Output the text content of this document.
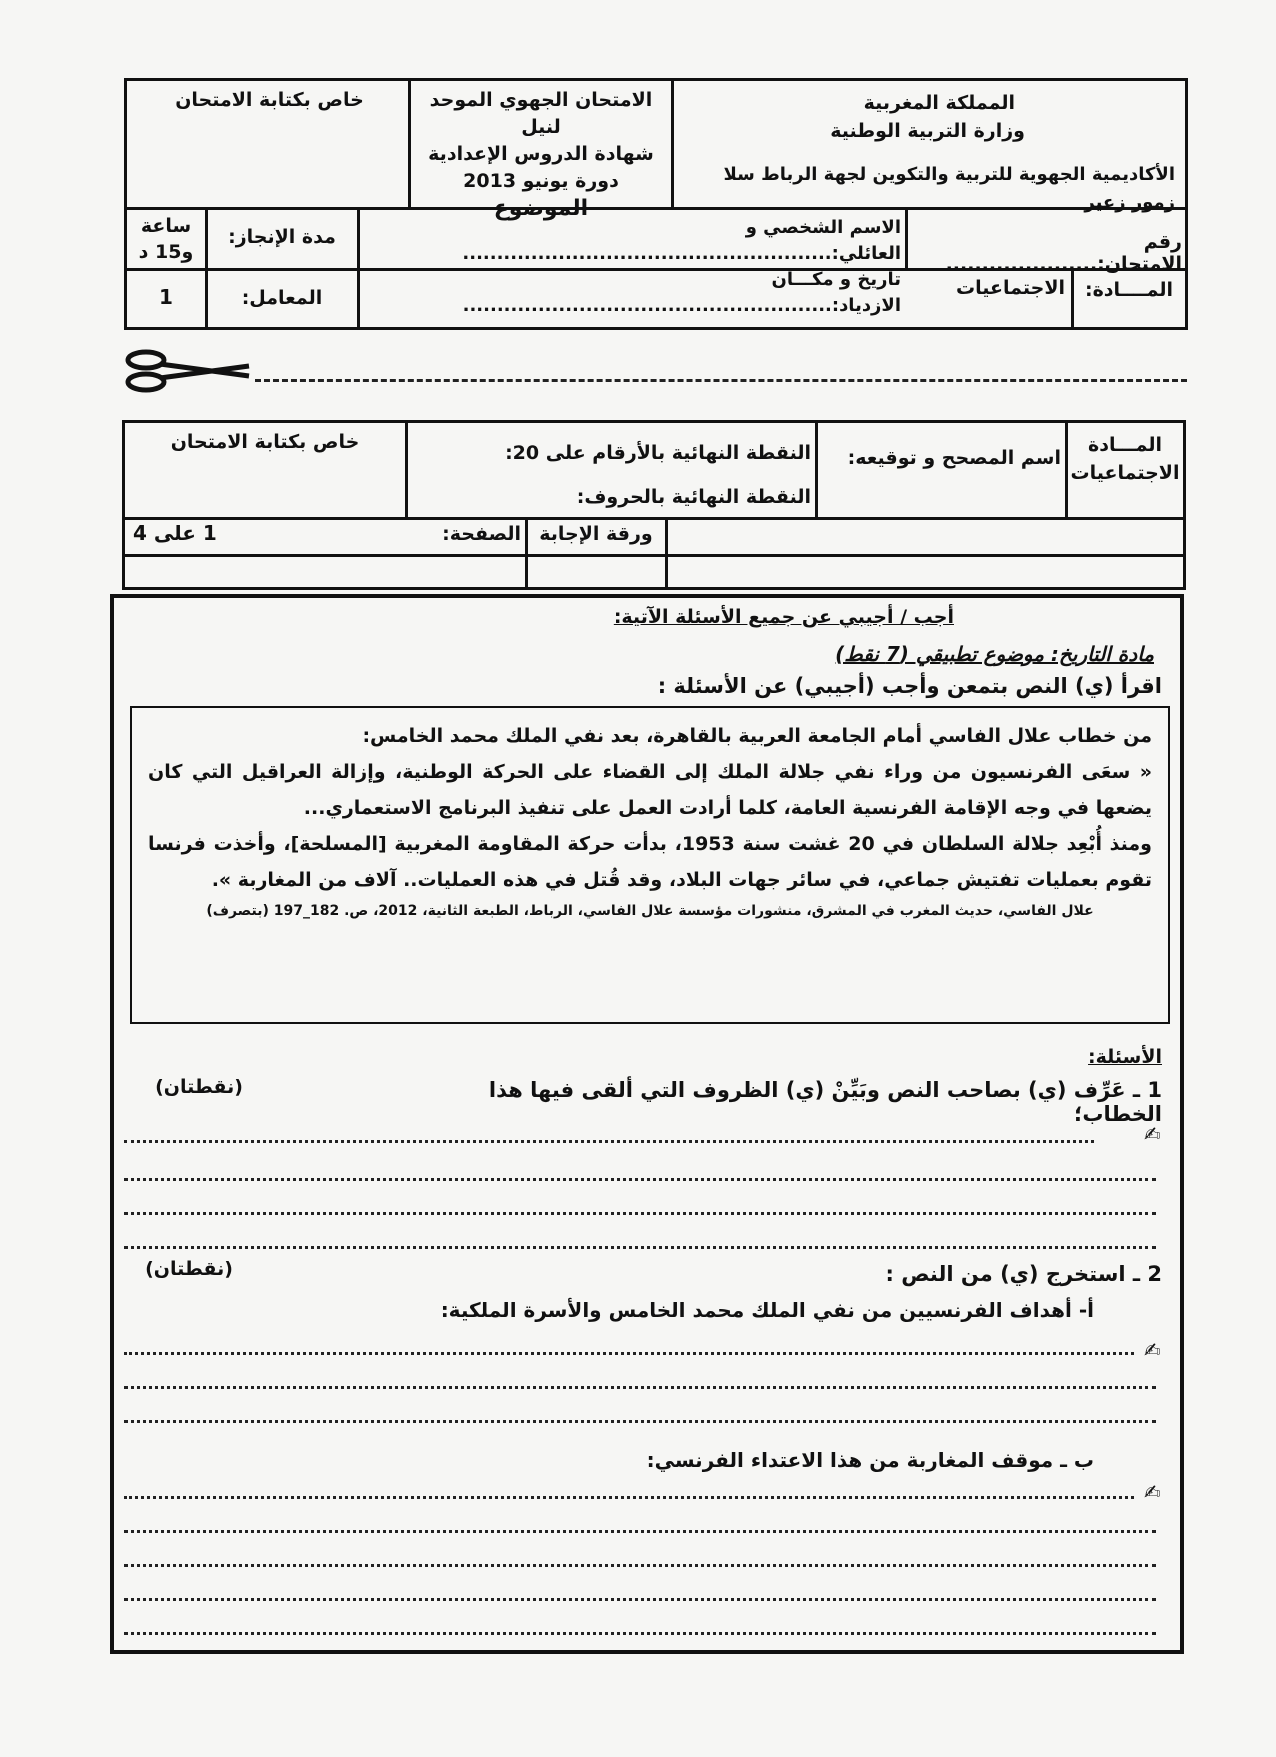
المملكة المغربية
وزارة التربية الوطنية
الأكاديمية الجهوية للتربية والتكوين لجهة الرباط سلا زمور زعير
الامتحان الجهوي الموحد لنيل
شهادة الدروس الإعدادية
دورة يونيو 2013
الموضوع
خاص بكتابة الامتحان
رقم الامتحان:.....................
الاسم الشخصي و العائلي:......................................................
تاريخ و مكـــان الازدياد:......................................................
مدة الإنجاز:
ساعة و15 د
المــــادة:
الاجتماعيات
المعامل:
1
المـــادة
الاجتماعيات
اسم المصحح و توقيعه:
النقطة النهائية بالأرقام على 20:
النقطة النهائية بالحروف:
خاص بكتابة الامتحان
ورقة الإجابة
الصفحة:
1 على 4
أجب / أجيبي عن جميع الأسئلة الآتية:
مادة التاريخ: موضوع تطبيقي (7 نقط)
اقرأ (ي) النص بتمعن وأجب (أجيبي) عن الأسئلة :
من خطاب علال الفاسي أمام الجامعة العربية بالقاهرة، بعد نفي الملك محمد الخامس:
« سعَى الفرنسيون من وراء نفي جلالة الملك إلى القضاء على الحركة الوطنية، وإزالة العراقيل التي كان يضعها في وجه الإقامة الفرنسية العامة، كلما أرادت العمل على تنفيذ البرنامج الاستعماري...
ومنذ أُبْعِد جلالة السلطان في 20 غشت سنة 1953، بدأت حركة المقاومة المغربية [المسلحة]، وأخذت فرنسا تقوم بعمليات تفتيش جماعي، في سائر جهات البلاد، وقد قُتل في هذه العمليات.. آلاف من المغاربة ».
علال الفاسي، حديث المغرب في المشرق، منشورات مؤسسة علال الفاسي، الرباط، الطبعة الثانية، 2012، ص. 182_197 (بتصرف)
الأسئلة:
1 ـ عَرِّف (ي) بصاحب النص وبَيِّنْ (ي) الظروف التي ألقى فيها هذا الخطاب؛
(نقطتان)
✍
2 ـ استخرج (ي) من النص :
(نقطتان)
أ- أهداف الفرنسيين من نفي الملك محمد الخامس والأسرة الملكية:
✍
ب ـ موقف المغاربة من هذا الاعتداء الفرنسي:
✍
